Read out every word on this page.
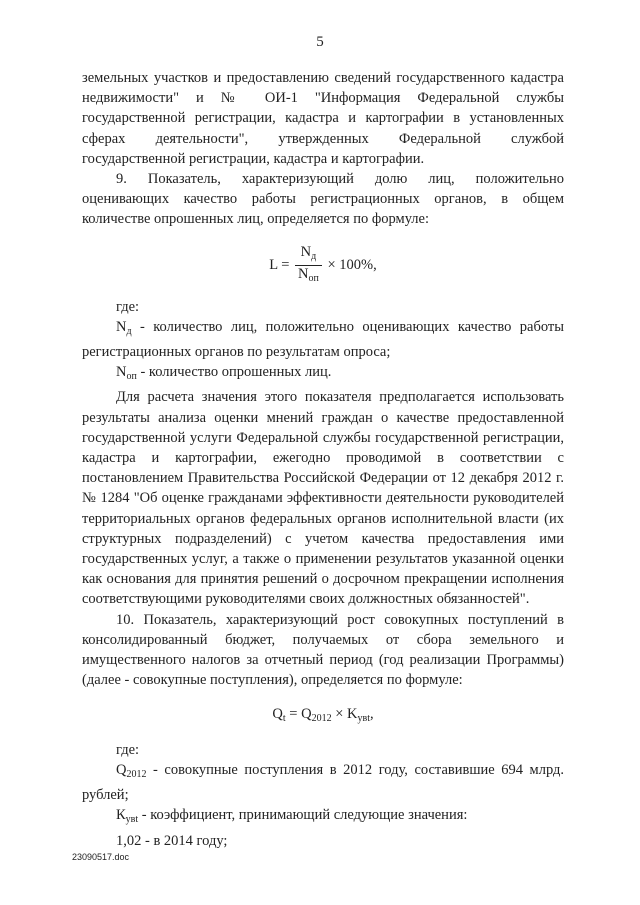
5

земельных участков и предоставлению сведений государственного кадастра недвижимости" и № ОИ-1 "Информация Федеральной службы государственной регистрации, кадастра и картографии в установленных сферах деятельности", утвержденных Федеральной службой государственной регистрации, кадастра и картографии.

9. Показатель, характеризующий долю лиц, положительно оценивающих качество работы регистрационных органов, в общем количестве опрошенных лиц, определяется по формуле:

$L = \frac{N_д}{N_{оп}} \times 100\%$,

где:

$N_д$ - количество лиц, положительно оценивающих качество работы регистрационных органов по результатам опроса;

$N_{оп}$ - количество опрошенных лиц.

Для расчета значения этого показателя предполагается использовать результаты анализа оценки мнений граждан о качестве предоставленной государственной услуги Федеральной службы государственной регистрации, кадастра и картографии, ежегодно проводимой в соответствии с постановлением Правительства Российской Федерации от 12 декабря 2012 г. № 1284 "Об оценке гражданами эффективности деятельности руководителей территориальных органов федеральных органов исполнительной власти (их структурных подразделений) с учетом качества предоставления ими государственных услуг, а также о применении результатов указанной оценки как основания для принятия решений о досрочном прекращении исполнения соответствующими руководителями своих должностных обязанностей".

10. Показатель, характеризующий рост совокупных поступлений в консолидированный бюджет, получаемых от сбора земельного и имущественного налогов за отчетный период (год реализации Программы) (далее - совокупные поступления), определяется по формуле:

$Q_t = Q_{2012} \times K_{увt}$,

где:

$Q_{2012}$ - совокупные поступления в 2012 году, составившие 694 млрд. рублей;

$К_{увt}$ - коэффициент, принимающий следующие значения:

1,02 - в 2014 году;

23090517.doc
